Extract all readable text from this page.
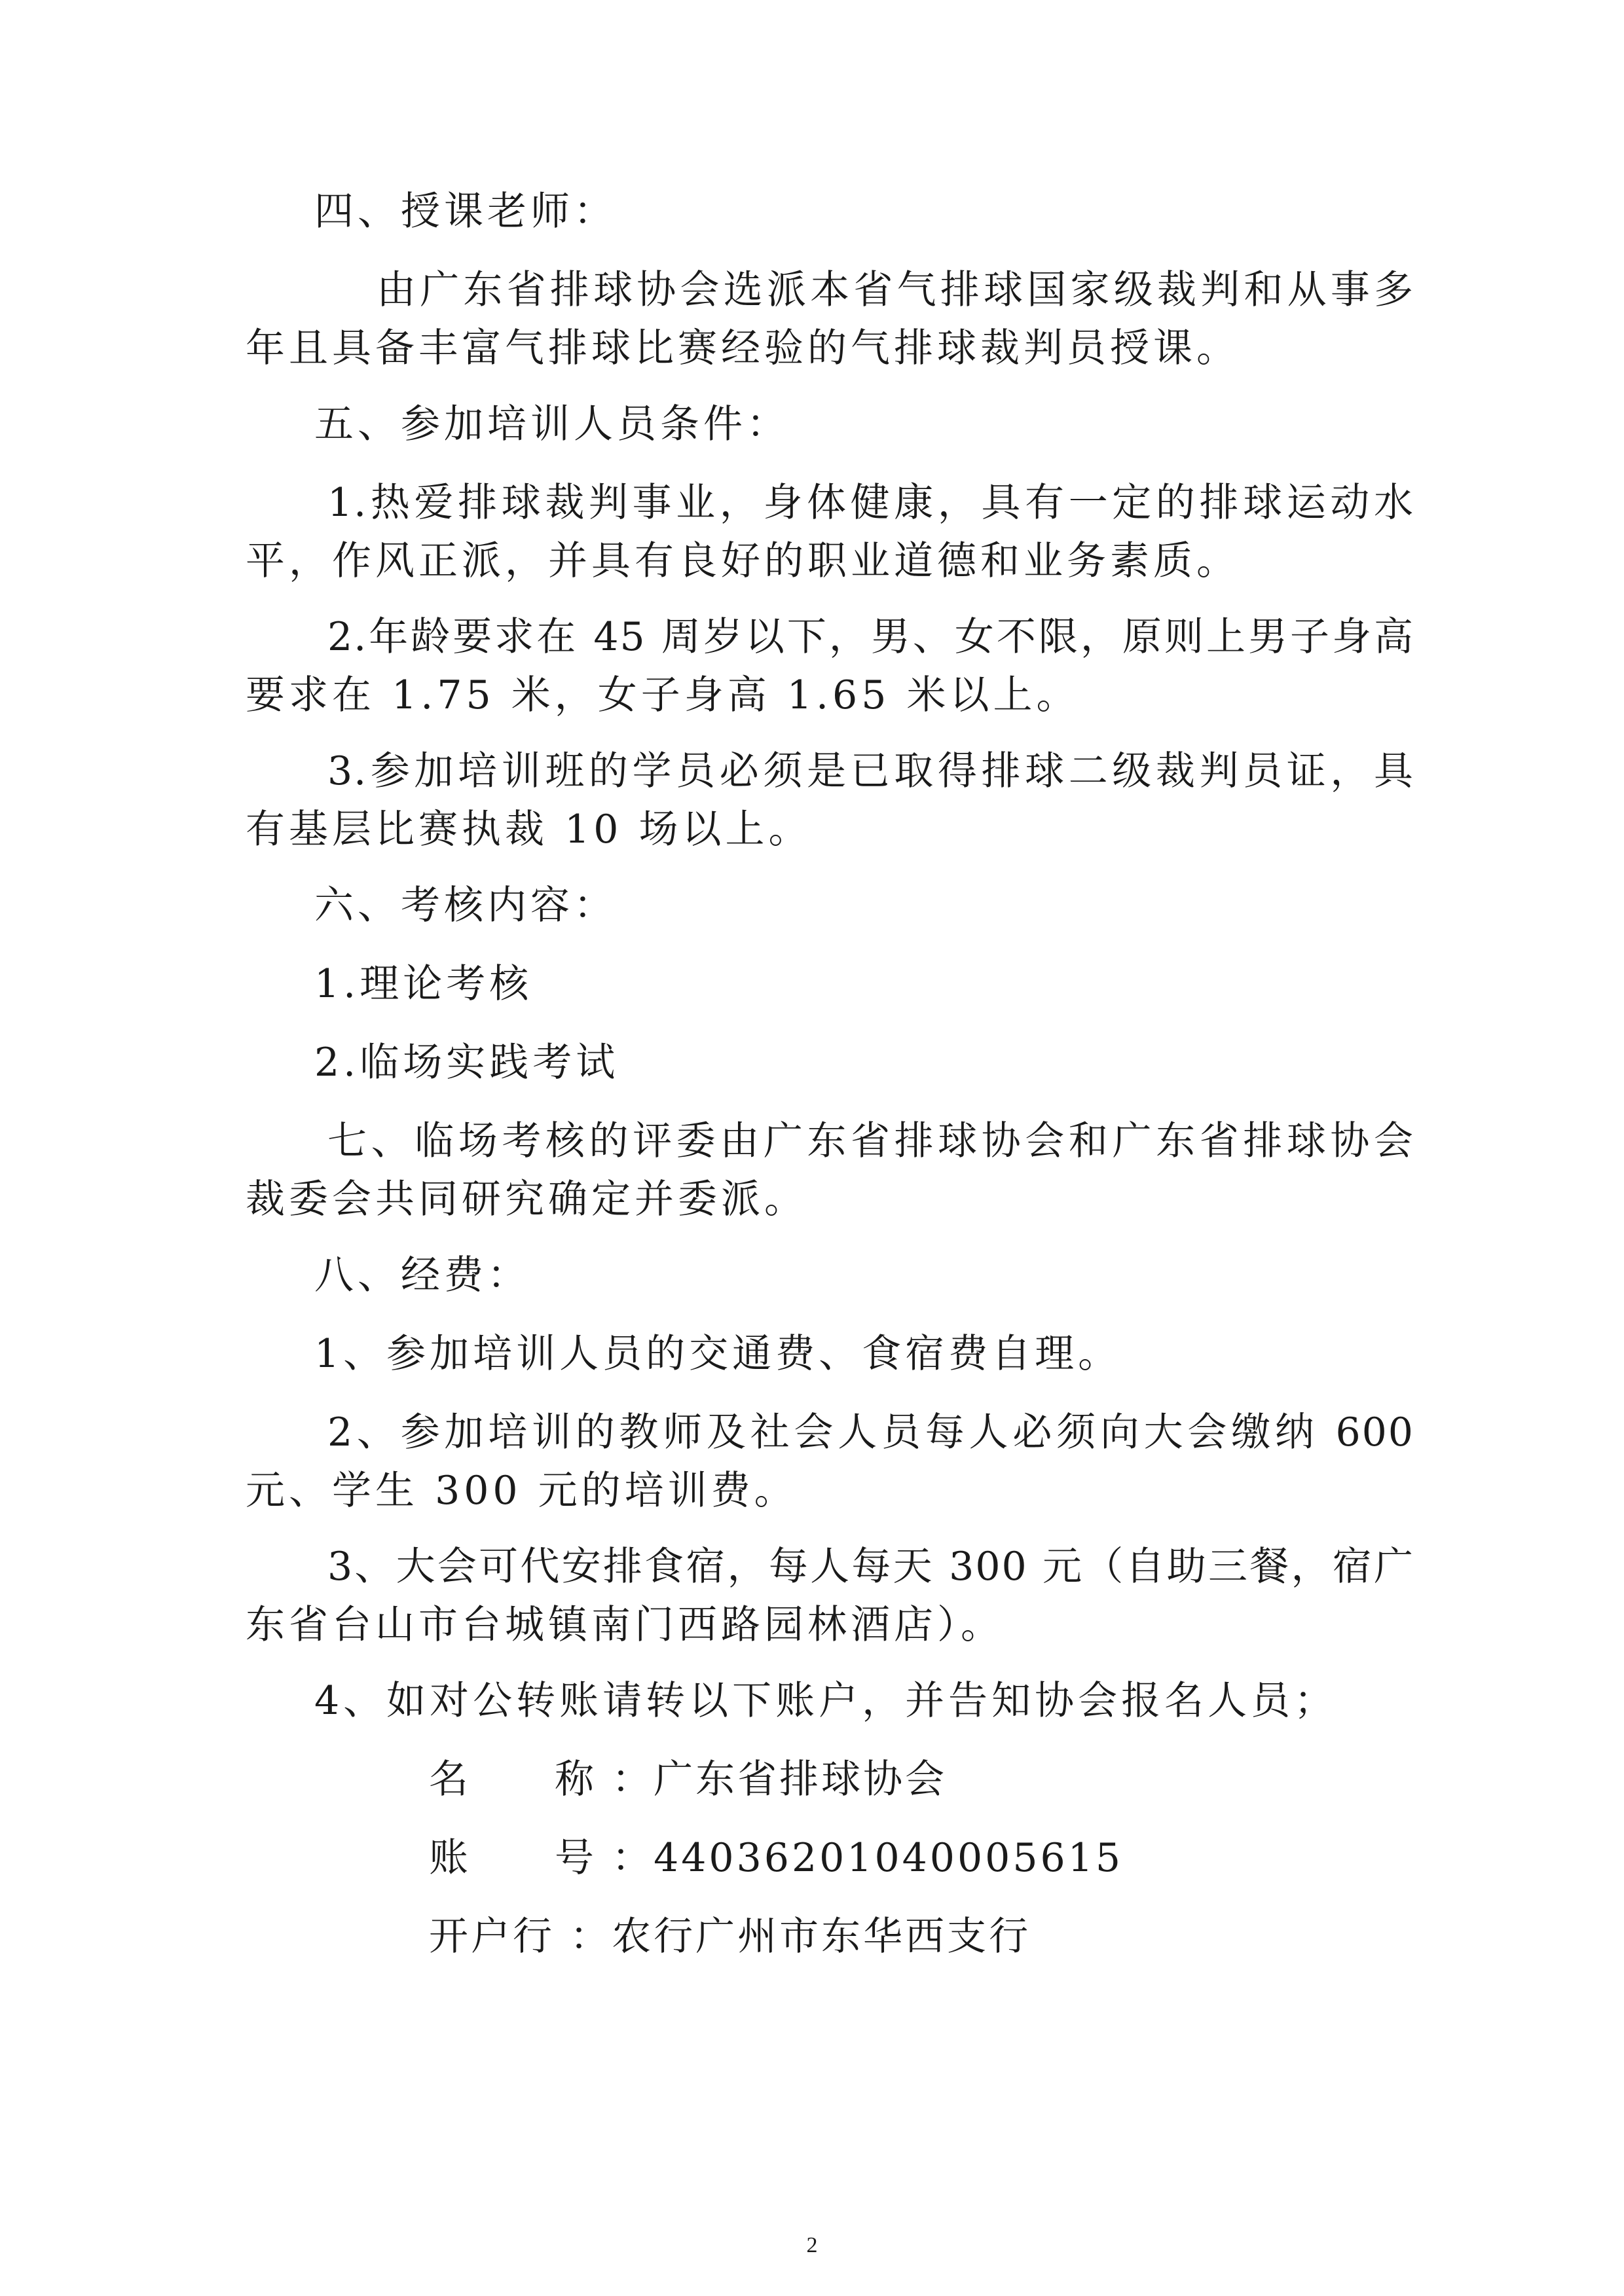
四、授课老师：
由广东省排球协会选派本省气排球国家级裁判和从事多
年且具备丰富气排球比赛经验的气排球裁判员授课。
五、参加培训人员条件：
1.热爱排球裁判事业，身体健康，具有一定的排球运动水
平，作风正派，并具有良好的职业道德和业务素质。
2.年龄要求在 45 周岁以下，男、女不限，原则上男子身高
要求在 1.75 米，女子身高 1.65 米以上。
3.参加培训班的学员必须是已取得排球二级裁判员证，具
有基层比赛执裁 10 场以上。
六、考核内容：
1.理论考核
2.临场实践考试
七、临场考核的评委由广东省排球协会和广东省排球协会
裁委会共同研究确定并委派。
八、经费：
1、参加培训人员的交通费、食宿费自理。
2、参加培训的教师及社会人员每人必须向大会缴纳 600
元、学生 300 元的培训费。
3、大会可代安排食宿，每人每天 300 元（自助三餐，宿广
东省台山市台城镇南门西路园林酒店）。
4、如对公转账请转以下账户，并告知协会报名人员；
名　　称 ：广东省排球协会
账　　号 ：44036201040005615
开户行 ：农行广州市东华西支行
2
